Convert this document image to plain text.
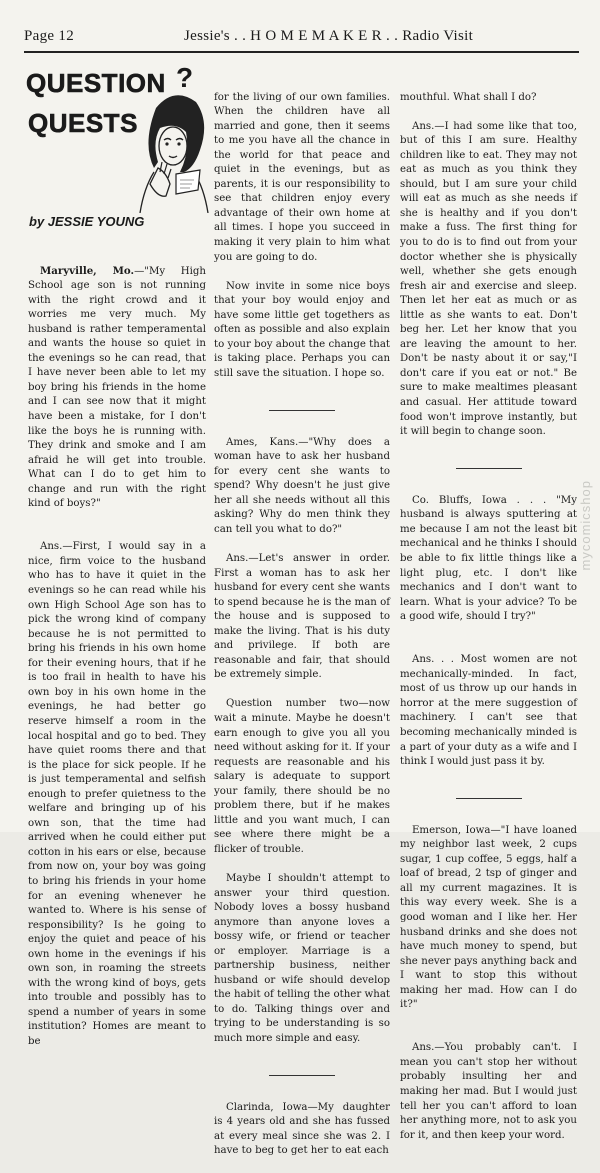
Page 12	Jessie's . . H O M E M A K E R . . Radio Visit
QUESTION ?
QUESTS
by JESSIE YOUNG

Maryville, Mo.—"My High School age son is not running with the right crowd and it worries me very much. My husband is rather temperamental and wants the house so quiet in the evenings so he can read, that I have never been able to let my boy bring his friends in the home and I can see now that it might have been a mistake, for I don't like the boys he is running with. They drink and smoke and I am afraid he will get into trouble. What can I do to get him to change and run with the right kind of boys?"

Ans.—First, I would say in a nice, firm voice to the husband who has to have it quiet in the evenings so he can read while his own High School Age son has to pick the wrong kind of company because he is not permitted to bring his friends in his own home for their evening hours, that if he is too frail in health to have his own boy in his own home in the evenings, he had better go reserve himself a room in the local hospital and go to bed. They have quiet rooms there and that is the place for sick people. If he is just temperamental and selfish enough to prefer quietness to the welfare and bringing up of his own son, that the time had arrived when he could either put cotton in his ears or else, because from now on, your boy was going to bring his friends in your home for an evening whenever he wanted to. Where is his sense of responsibility? Is he going to enjoy the quiet and peace of his own home in the evenings if his own son, in roaming the streets with the wrong kind of boys, gets into trouble and possibly has to spend a number of years in some institution? Homes are meant to be

for the living of our own families. When the children have all married and gone, then it seems to me you have all the chance in the world for that peace and quiet in the evenings, but as parents, it is our responsibility to see that children enjoy every advantage of their own home at all times. I hope you succeed in making it very plain to him what you are going to do.

Now invite in some nice boys that your boy would enjoy and have some little get togethers as often as possible and also explain to your boy about the change that is taking place. Perhaps you can still save the situation. I hope so.

Ames, Kans.—"Why does a woman have to ask her husband for every cent she wants to spend? Why doesn't he just give her all she needs without all this asking? Why do men think they can tell you what to do?"

Ans.—Let's answer in order. First a woman has to ask her husband for every cent she wants to spend because he is the man of the house and is supposed to make the living. That is his duty and privilege. If both are reasonable and fair, that should be extremely simple.

Question number two—now wait a minute. Maybe he doesn't earn enough to give you all you need without asking for it. If your requests are reasonable and his salary is adequate to support your family, there should be no problem there, but if he makes little and you want much, I can see where there might be a flicker of trouble.

Maybe I shouldn't attempt to answer your third question. Nobody loves a bossy husband anymore than anyone loves a bossy wife, or friend or teacher or employer. Marriage is a partnership business, neither husband or wife should develop the habit of telling the other what to do. Talking things over and trying to be understanding is so much more simple and easy.

Clarinda, Iowa—My daughter is 4 years old and she has fussed at every meal since she was 2. I have to beg to get her to eat each

mouthful. What shall I do?

Ans.—I had some like that too, but of this I am sure. Healthy children like to eat. They may not eat as much as you think they should, but I am sure your child will eat as much as she needs if she is healthy and if you don't make a fuss. The first thing for you to do is to find out from your doctor whether she is physically well, whether she gets enough fresh air and exercise and sleep. Then let her eat as much or as little as she wants to eat. Don't beg her. Let her know that you are leaving the amount to her. Don't be nasty about it or say,"I don't care if you eat or not." Be sure to make mealtimes pleasant and casual. Her attitude toward food won't improve instantly, but it will begin to change soon.

Co. Bluffs, Iowa . . . "My husband is always sputtering at me because I am not the least bit mechanical and he thinks I should be able to fix little things like a light plug, etc. I don't like mechanics and I don't want to learn. What is your advice? To be a good wife, should I try?"

Ans. . . Most women are not mechanically-minded. In fact, most of us throw up our hands in horror at the mere suggestion of machinery. I can't see that becoming mechanically minded is a part of your duty as a wife and I think I would just pass it by.

Emerson, Iowa—"I have loaned my neighbor last week, 2 cups sugar, 1 cup coffee, 5 eggs, half a loaf of bread, 2 tsp of ginger and all my current magazines. It is this way every week. She is a good woman and I like her. Her husband drinks and she does not have much money to spend, but she never pays anything back and I want to stop this without making her mad. How can I do it?"

Ans.—You probably can't. I mean you can't stop her without probably insulting her and making her mad. But I would just tell her you can't afford to loan her anything more, not to ask you for it, and then keep your word.

mycomicshop
